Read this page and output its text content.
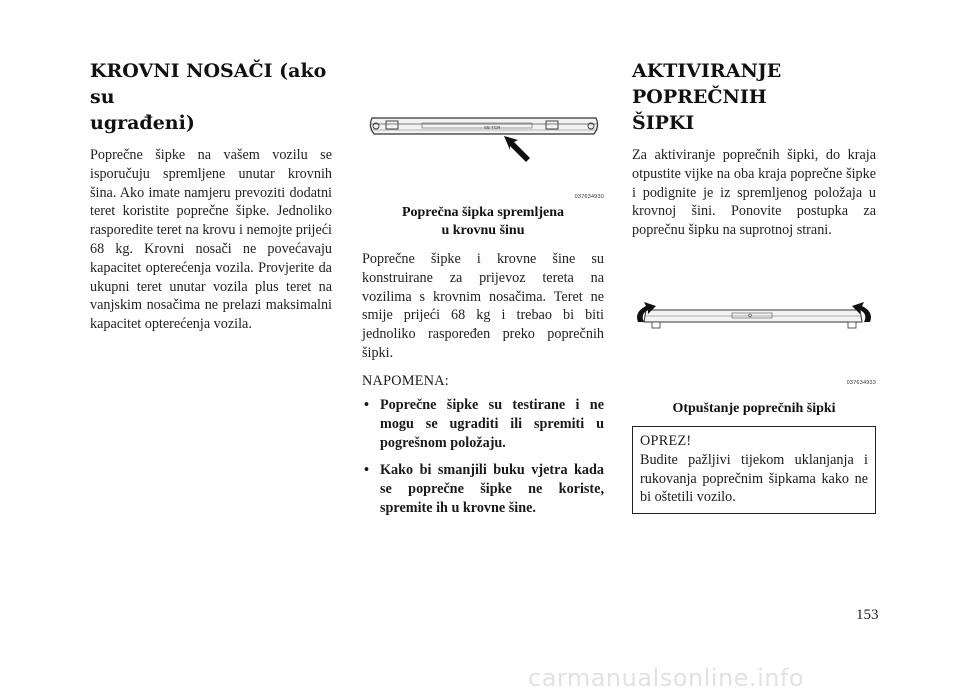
KROVNI NOSAČI (ako su
ugrađeni)

Poprečne šipke na vašem vozilu se isporučuju spremljene unutar krovnih šina. Ako imate namjeru prevoziti dodatni teret koristite poprečne šipke. Jednoliko rasporedite teret na krovu i nemojte prijeći 68 kg. Krovni nosači ne povećavaju kapacitet opterećenja vozila. Provjerite da ukupni teret unutar vozila plus teret na vanjskim nosačima ne prelazi maksimalni kapacitet opterećenja vozila.

SE TCR
037634930

Poprečna šipka spremljena
u krovnu šinu

Poprečne šipke i krovne šine su konstruirane za prijevoz tereta na vozilima s krovnim nosačima. Teret ne smije prijeći 68 kg i trebao bi biti jednoliko raspoređen preko poprečnih šipki.

NAPOMENA:

• Poprečne šipke su testirane i ne mogu se ugraditi ili spremiti u pogrešnom položaju.
• Kako bi smanjili buku vjetra kada se poprečne šipke ne koriste, spremite ih u krovne šine.
AKTIVIRANJE POPREČNIH
ŠIPKI

Za aktiviranje poprečnih šipki, do kraja otpustite vijke na oba kraja poprečne šipke i podignite je iz spremljenog položaja u krovnoj šini. Ponovite postupka za poprečnu šipku na suprotnoj strani.

037634933

Otpuštanje poprečnih šipki

OPREZ!

Budite pažljivi tijekom uklanjanja i rukovanja poprečnim šipkama kako ne bi oštetili vozilo.

153
carmanualsonline.info
